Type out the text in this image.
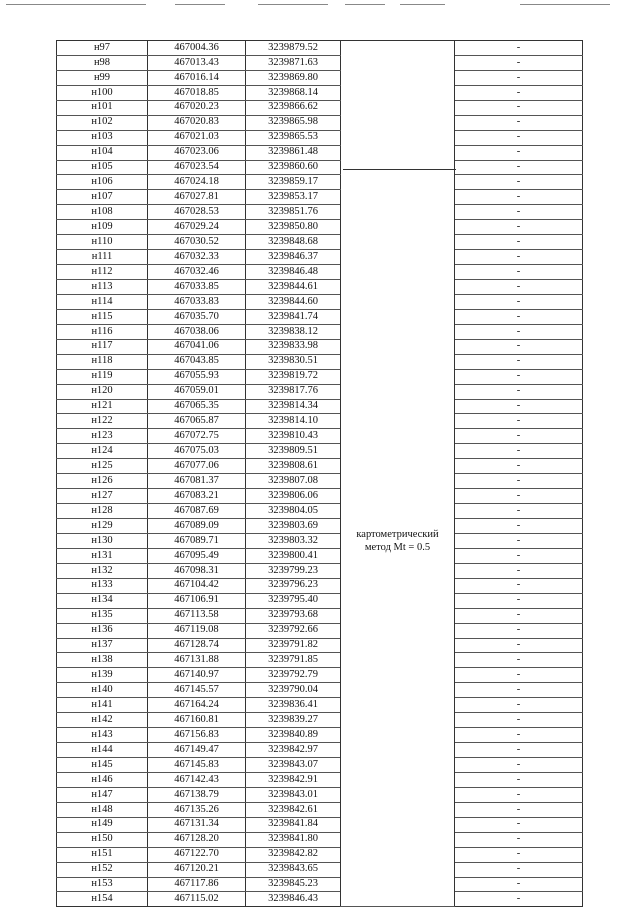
н97	467004.36	3239879.52		-
н98	467013.43	3239871.63		-
н99	467016.14	3239869.80		-
н100	467018.85	3239868.14		-
н101	467020.23	3239866.62		-
н102	467020.83	3239865.98		-
н103	467021.03	3239865.53		-
н104	467023.06	3239861.48		-
н105	467023.54	3239860.60		-
н106	467024.18	3239859.17	картометрический метод Mt = 0.5	-
н107	467027.81	3239853.17		-
н108	467028.53	3239851.76		-
н109	467029.24	3239850.80		-
н110	467030.52	3239848.68		-
н111	467032.33	3239846.37		-
н112	467032.46	3239846.48		-
н113	467033.85	3239844.61		-
н114	467033.83	3239844.60		-
н115	467035.70	3239841.74		-
н116	467038.06	3239838.12		-
н117	467041.06	3239833.98		-
н118	467043.85	3239830.51		-
н119	467055.93	3239819.72		-
н120	467059.01	3239817.76		-
н121	467065.35	3239814.34		-
н122	467065.87	3239814.10		-
н123	467072.75	3239810.43		-
н124	467075.03	3239809.51		-
н125	467077.06	3239808.61		-
н126	467081.37	3239807.08		-
н127	467083.21	3239806.06		-
н128	467087.69	3239804.05		-
н129	467089.09	3239803.69		-
н130	467089.71	3239803.32		-
н131	467095.49	3239800.41		-
н132	467098.31	3239799.23		-
н133	467104.42	3239796.23		-
н134	467106.91	3239795.40		-
н135	467113.58	3239793.68		-
н136	467119.08	3239792.66		-
н137	467128.74	3239791.82		-
н138	467131.88	3239791.85		-
н139	467140.97	3239792.79		-
н140	467145.57	3239790.04		-
н141	467164.24	3239836.41		-
н142	467160.81	3239839.27		-
н143	467156.83	3239840.89		-
н144	467149.47	3239842.97		-
н145	467145.83	3239843.07		-
н146	467142.43	3239842.91		-
н147	467138.79	3239843.01		-
н148	467135.26	3239842.61		-
н149	467131.34	3239841.84		-
н150	467128.20	3239841.80		-
н151	467122.70	3239842.82		-
н152	467120.21	3239843.65		-
н153	467117.86	3239845.23		-
н154	467115.02	3239846.43		-
